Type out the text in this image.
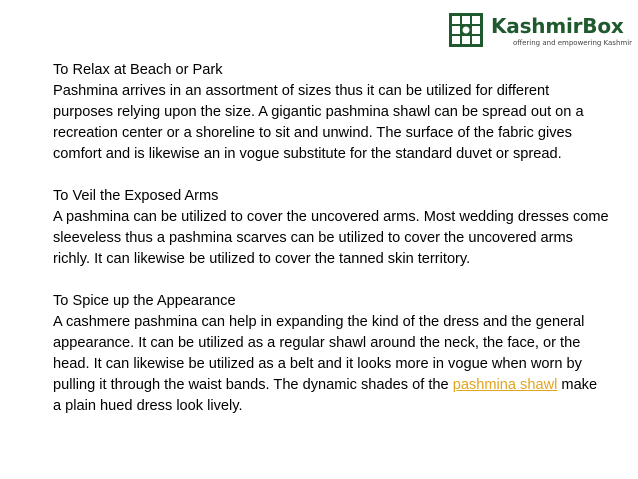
KashmirBox
offering and empowering Kashmir

To Relax at Beach or Park

Pashmina arrives in an assortment of sizes thus it can be utilized for different purposes relying upon the size. A gigantic pashmina shawl can be spread out on a recreation center or a shoreline to sit and unwind. The surface of the fabric gives comfort and is likewise an in vogue substitute for the standard duvet or spread.

To Veil the Exposed Arms

A pashmina can be utilized to cover the uncovered arms. Most wedding dresses come sleeveless thus a pashmina scarves can be utilized to cover the uncovered arms richly. It can likewise be utilized to cover the tanned skin territory.

To Spice up the Appearance

A cashmere pashmina can help in expanding the kind of the dress and the general appearance. It can be utilized as a regular shawl around the neck, the face, or the head. It can likewise be utilized as a belt and it looks more in vogue when worn by pulling it through the waist bands. The dynamic shades of the pashmina shawl make a plain hued dress look lively.
